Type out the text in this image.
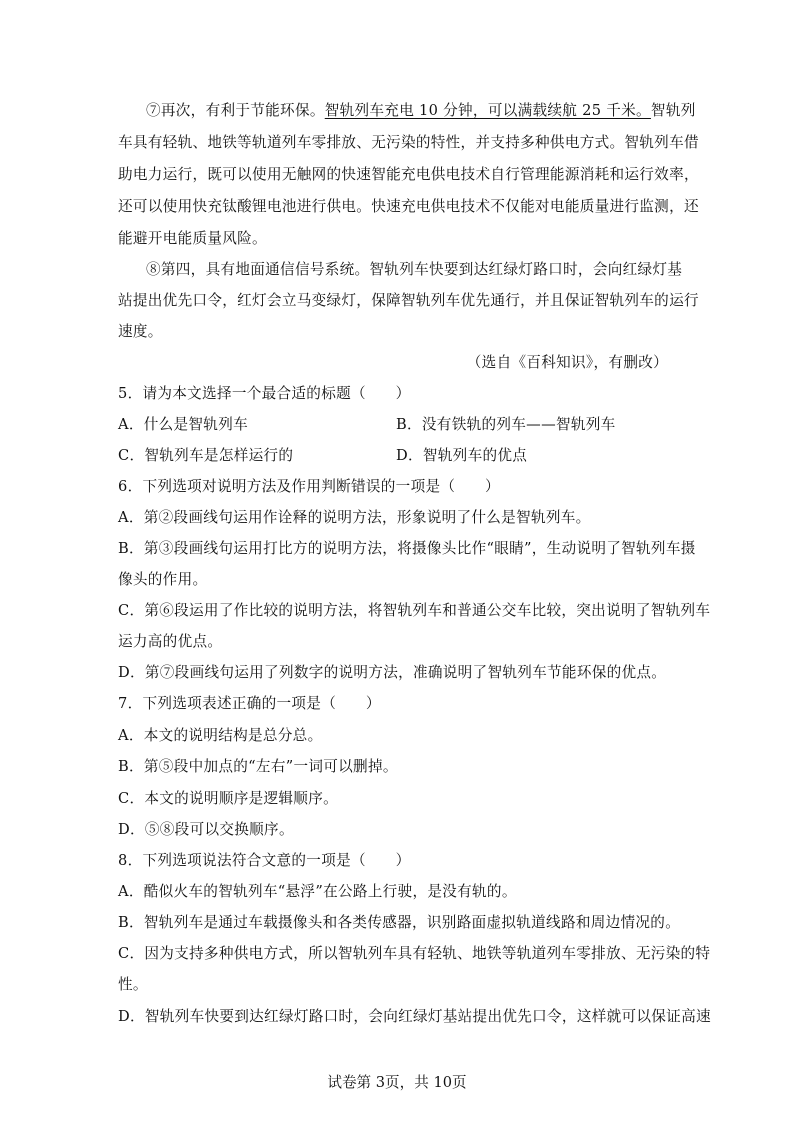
⑦再次，有利于节能环保。智轨列车充电 10 分钟，可以满载续航 25 千米。智轨列
车具有轻轨、地铁等轨道列车零排放、无污染的特性，并支持多种供电方式。智轨列车借
助电力运行，既可以使用无触网的快速智能充电供电技术自行管理能源消耗和运行效率，
还可以使用快充钛酸锂电池进行供电。快速充电供电技术不仅能对电能质量进行监测，还
能避开电能质量风险。
⑧第四，具有地面通信信号系统。智轨列车快要到达红绿灯路口时，会向红绿灯基
站提出优先口令，红灯会立马变绿灯，保障智轨列车优先通行，并且保证智轨列车的运行
速度。
（选自《百科知识》，有删改）
5．请为本文选择一个最合适的标题（　　）
A．什么是智轨列车	B．没有铁轨的列车——智轨列车
C．智轨列车是怎样运行的	D．智轨列车的优点
6．下列选项对说明方法及作用判断错误的一项是（　　）
A．第②段画线句运用作诠释的说明方法，形象说明了什么是智轨列车。
B．第③段画线句运用打比方的说明方法，将摄像头比作“眼睛”，生动说明了智轨列车摄
像头的作用。
C．第⑥段运用了作比较的说明方法，将智轨列车和普通公交车比较，突出说明了智轨列车
运力高的优点。
D．第⑦段画线句运用了列数字的说明方法，准确说明了智轨列车节能环保的优点。
7．下列选项表述正确的一项是（　　）
A．本文的说明结构是总分总。
B．第⑤段中加点的“左右”一词可以删掉。
C．本文的说明顺序是逻辑顺序。
D．⑤⑧段可以交换顺序。
8．下列选项说法符合文意的一项是（　　）
A．酷似火车的智轨列车“悬浮”在公路上行驶，是没有轨的。
B．智轨列车是通过车载摄像头和各类传感器，识别路面虚拟轨道线路和周边情况的。
C．因为支持多种供电方式，所以智轨列车具有轻轨、地铁等轨道列车零排放、无污染的特
性。
D．智轨列车快要到达红绿灯路口时，会向红绿灯基站提出优先口令，这样就可以保证高速
试卷第 3页，共 10页
